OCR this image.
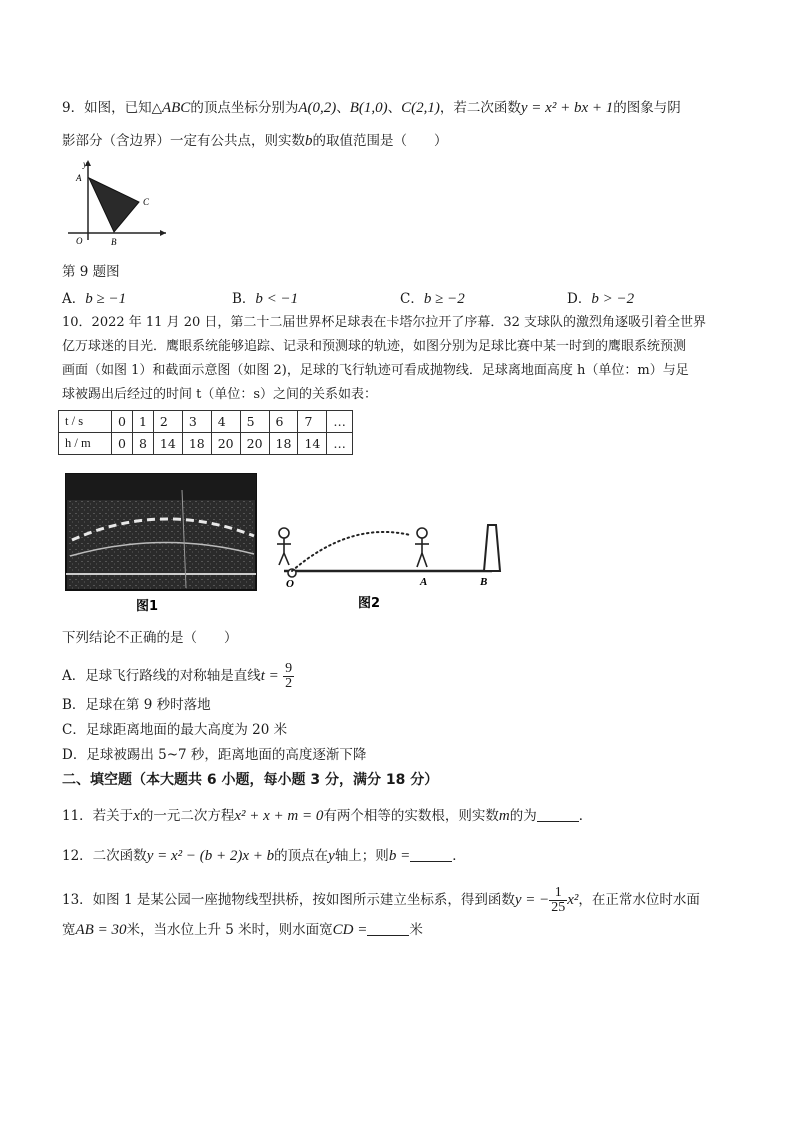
9．如图，已知△ABC的顶点坐标分别为A(0,2)、B(1,0)、C(2,1)，若二次函数y = x² + bx + 1的图象与阴
影部分（含边界）一定有公共点，则实数b的取值范围是（　　）
y
A
C
O	B
第 9 题图
A．b ≥ −1	B．b < −1	C．b ≥ −2	D．b > −2
10．2022 年 11 月 20 日，第二十二届世界杯足球表在卡塔尔拉开了序幕．32 支球队的激烈角逐吸引着全世界
亿万球迷的目光．鹰眼系统能够追踪、记录和预测球的轨迹，如图分别为足球比赛中某一时到的鹰眼系统预测
画面（如图 1）和截面示意图（如图 2)，足球的飞行轨迹可看成抛物线．足球离地面高度 h（单位：m）与足
球被踢出后经过的时间 t（单位：s）之间的关系如表：
t / s	0	1	2	3	4	5	6	7	…
h / m	0	8	14	18	20	20	18	14	…
图1
O	A	B
图2
下列结论不正确的是（　　）
A．足球飞行路线的对称轴是直线$t = \frac{9}{2}$
B．足球在第 9 秒时落地
C．足球距离地面的最大高度为 20 米
D．足球被踢出 5~7 秒，距离地面的高度逐渐下降
二、填空题（本大题共 6 小题，每小题 3 分，满分 18 分）
11．若关于x的一元二次方程x² + x + m = 0有两个相等的实数根，则实数m的为	．
12．二次函数y = x² − (b + 2)x + b的顶点在y轴上；则b =	．
13．如图 1 是某公园一座抛物线型拱桥，按如图所示建立坐标系，得到函数y = − $\frac{1}{25} x^2$，在正常水位时水面
宽AB = 30米，当水位上升 5 米时，则水面宽CD =	米
